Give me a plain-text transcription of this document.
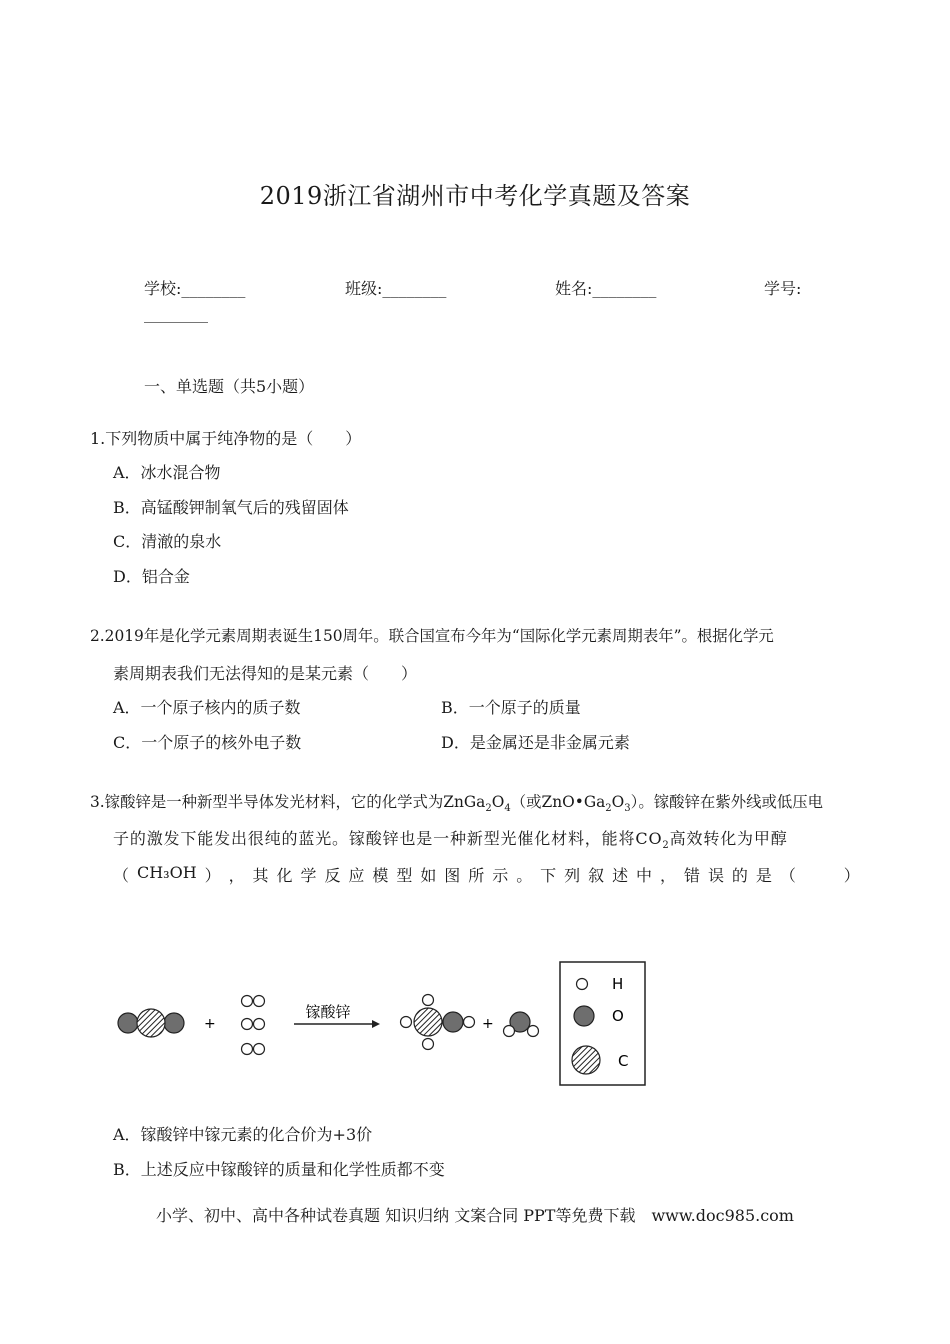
2019浙江省湖州市中考化学真题及答案
学校:________	班级:________	姓名:________	学号:
________
一、单选题（共5小题）
1.下列物质中属于纯净物的是（　　）
A．冰水混合物
B．高锰酸钾制氧气后的残留固体
C．清澈的泉水
D．铝合金
2.2019年是化学元素周期表诞生150周年。联合国宣布今年为“国际化学元素周期表年”。根据化学元
素周期表我们无法得知的是某元素（　　）
A．一个原子核内的质子数	B．一个原子的质量
C．一个原子的核外电子数	D．是金属还是非金属元素
3.镓酸锌是一种新型半导体发光材料，它的化学式为$ZnGa_2O_4$（或$ZnO•Ga_2O_3$）。镓酸锌在紫外线或低压电
子的激发下能发出很纯的蓝光。镓酸锌也是一种新型光催化材料，能将$CO_2$高效转化为甲醇
（ CH₃OH ） ， 其 化 学 反 应 模 型 如 图 所 示 。 下 列 叙 述 中 ， 错 误 的 是 （
　　	）
+
镓酸锌
+
H
O
C
A．镓酸锌中镓元素的化合价为+3价
B．上述反应中镓酸锌的质量和化学性质都不变
小学、初中、高中各种试卷真题 知识归纳 文案合同 PPT等免费下载　www.doc985.com
